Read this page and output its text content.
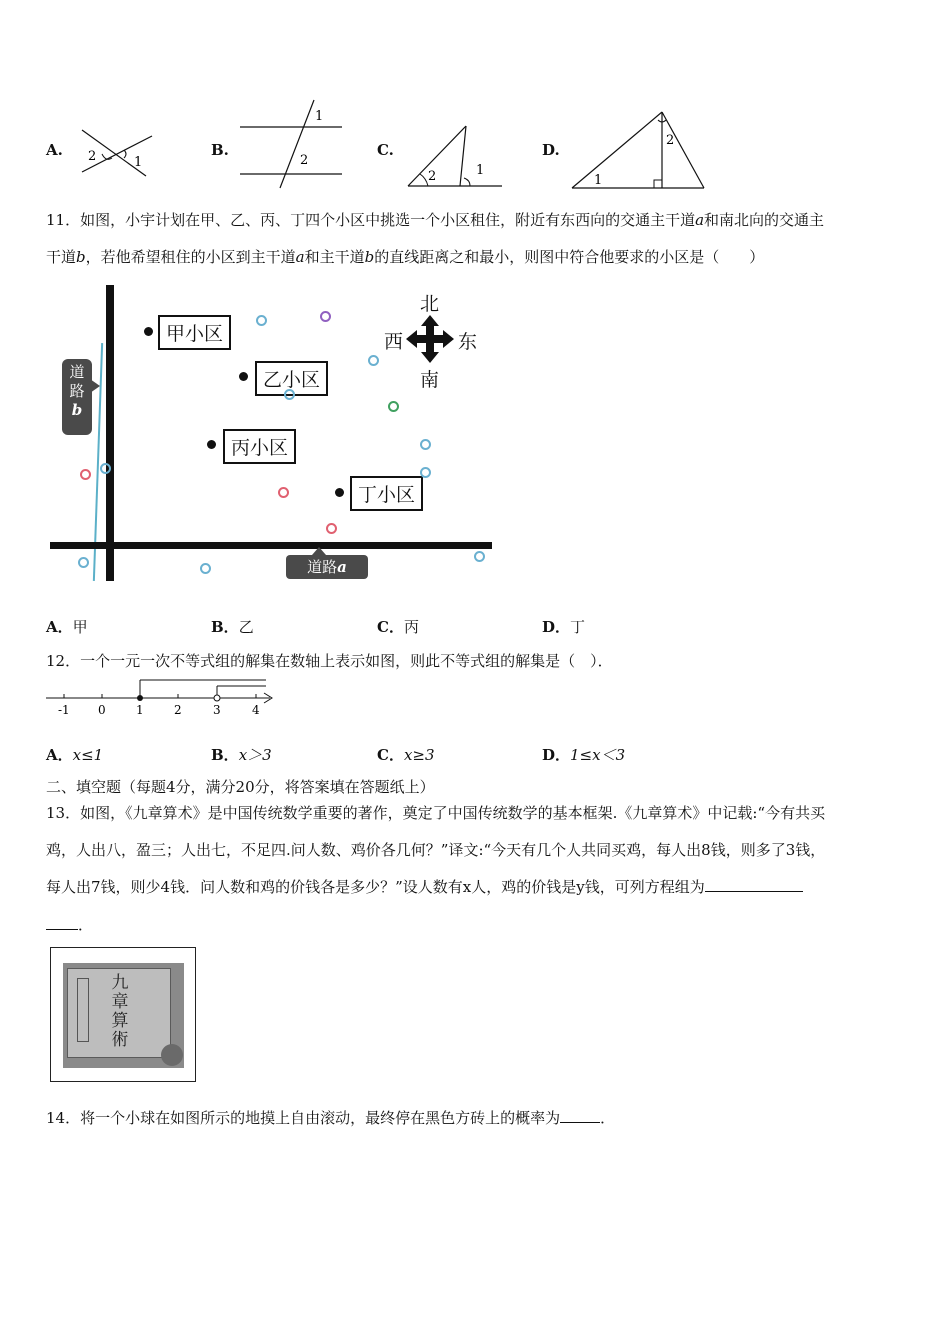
A. 2	1
B.
1
2
C.
2	1
D.
2
1
11．如图，小宇计划在甲、乙、丙、丁四个小区中挑选一个小区租住，附近有东西向的交通主干道a和南北向的交通主
干道b，若他希望租住的小区到主干道a和主干道b的直线距离之和最小，则图中符合他要求的小区是（　　）
道
路
b
道路a
甲小区
乙小区
丙小区
丁小区
北
南
西	东
A．甲	B．乙	C．丙	D．丁
12．一个一元一次不等式组的解集在数轴上表示如图，则此不等式组的解集是（　）．
-1 0	1	2	3	4
A．x≤1	B．x＞3	C．x≥3	D．1≤x＜3
二、填空题（每题4分，满分20分，将答案填在答题纸上）
13．如图，《九章算术》是中国传统数学重要的著作，奠定了中国传统数学的基本框架.《九章算术》中记载:“今有共买
鸡，人出八，盈三；人出七，不足四.问人数、鸡价各几何？”译文:“今天有几个人共同买鸡，每人出8钱，则多了3钱，
每人出7钱，则少4钱．问人数和鸡的价钱各是多少？”设人数有x人，鸡的价钱是y钱，可列方程组为
．
九章算術
14．将一个小球在如图所示的地摸上自由滚动，最终停在黑色方砖上的概率为	．
